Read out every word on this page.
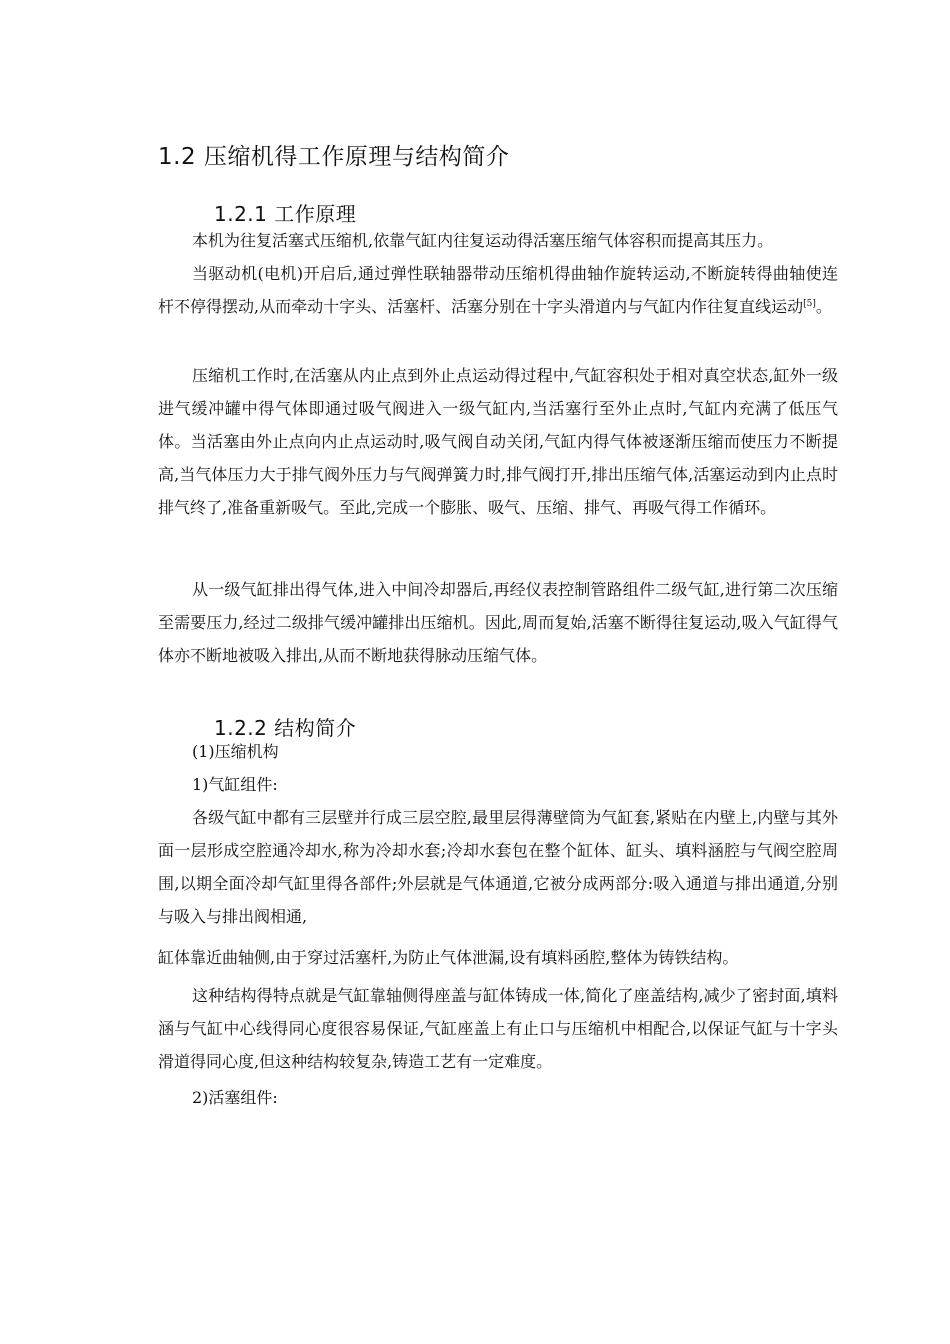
1.2 压缩机得工作原理与结构简介
1.2.1 工作原理
本机为往复活塞式压缩机,依靠气缸内往复运动得活塞压缩气体容积而提高其压力。
当驱动机(电机)开启后,通过弹性联轴器带动压缩机得曲轴作旋转运动,不断旋转得曲轴使连杆不停得摆动,从而牵动十字头、活塞杆、活塞分别在十字头滑道内与气缸内作往复直线运动[5]。
压缩机工作时,在活塞从内止点到外止点运动得过程中,气缸容积处于相对真空状态,缸外一级进气缓冲罐中得气体即通过吸气阀进入一级气缸内,当活塞行至外止点时,气缸内充满了低压气体。当活塞由外止点向内止点运动时,吸气阀自动关闭,气缸内得气体被逐渐压缩而使压力不断提高,当气体压力大于排气阀外压力与气阀弹簧力时,排气阀打开,排出压缩气体,活塞运动到内止点时排气终了,准备重新吸气。至此,完成一个膨胀、吸气、压缩、排气、再吸气得工作循环。
从一级气缸排出得气体,进入中间冷却器后,再经仪表控制管路组件二级气缸,进行第二次压缩至需要压力,经过二级排气缓冲罐排出压缩机。因此,周而复始,活塞不断得往复运动,吸入气缸得气体亦不断地被吸入排出,从而不断地获得脉动压缩气体。
1.2.2 结构简介
(1)压缩机构
1)气缸组件:
各级气缸中都有三层壁并行成三层空腔,最里层得薄壁筒为气缸套,紧贴在内壁上,内壁与其外面一层形成空腔通冷却水,称为冷却水套;冷却水套包在整个缸体、缸头、填料涵腔与气阀空腔周围,以期全面冷却气缸里得各部件;外层就是气体通道,它被分成两部分:吸入通道与排出通道,分别与吸入与排出阀相通,
缸体靠近曲轴侧,由于穿过活塞杆,为防止气体泄漏,设有填料函腔,整体为铸铁结构。
这种结构得特点就是气缸靠轴侧得座盖与缸体铸成一体,简化了座盖结构,减少了密封面,填料涵与气缸中心线得同心度很容易保证,气缸座盖上有止口与压缩机中相配合,以保证气缸与十字头滑道得同心度,但这种结构较复杂,铸造工艺有一定难度。
2)活塞组件:
